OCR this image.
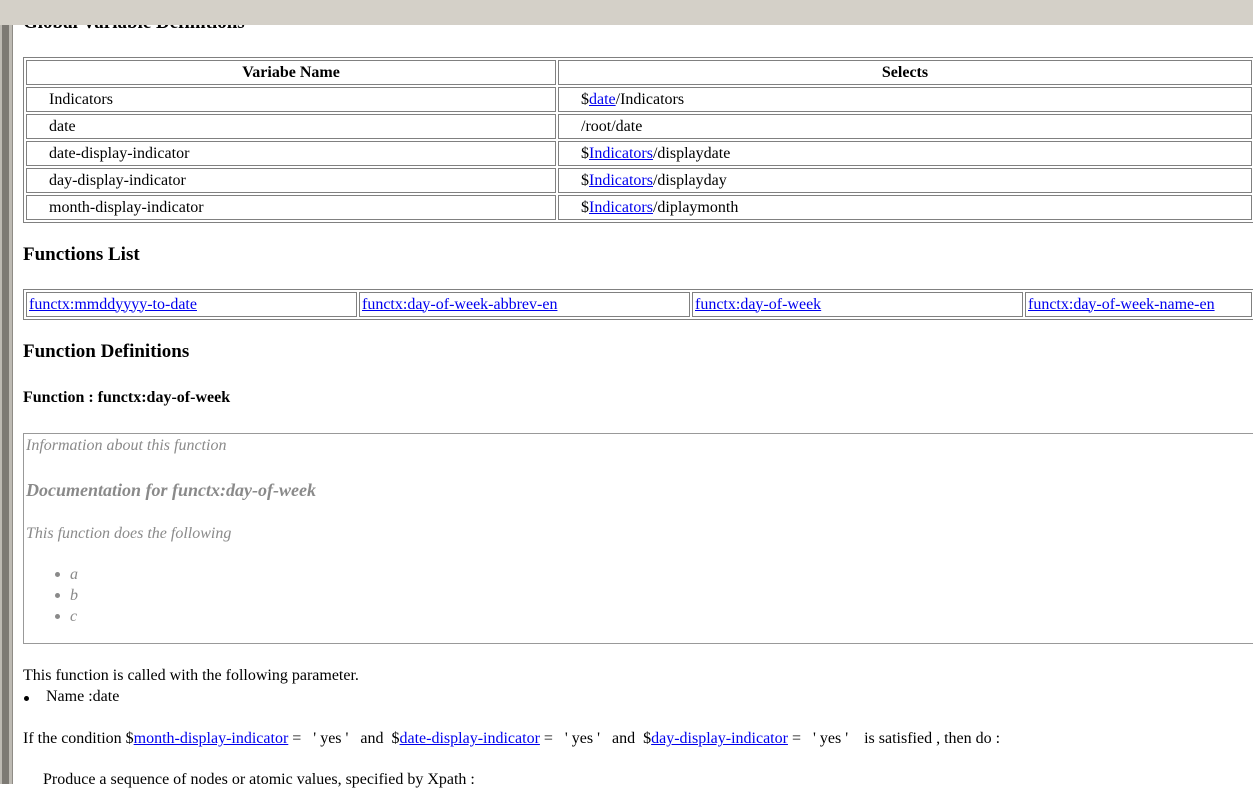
Variabe Name	Selects
Indicators	$date/Indicators
date	/root/date
date-display-indicator	$Indicators/displaydate
day-display-indicator	$Indicators/displayday
month-display-indicator	$Indicators/diplaymonth
Functions List
functx:mmddyyyy-to-date	functx:day-of-week-abbrev-en	functx:day-of-week	functx:day-of-week-name-en
Function Definitions
Function : functx:day-of-week

Information about this function

Documentation for functx:day-of-week

This function does the following

a
b
c

This function is called with the following parameter.

Name :date

If the condition $month-display-indicator =   ' yes '   and  $date-display-indicator =   ' yes '   and  $day-display-indicator =   ' yes '    is satisfied , then do :

Produce a sequence of nodes or atomic values, specified by Xpath :
